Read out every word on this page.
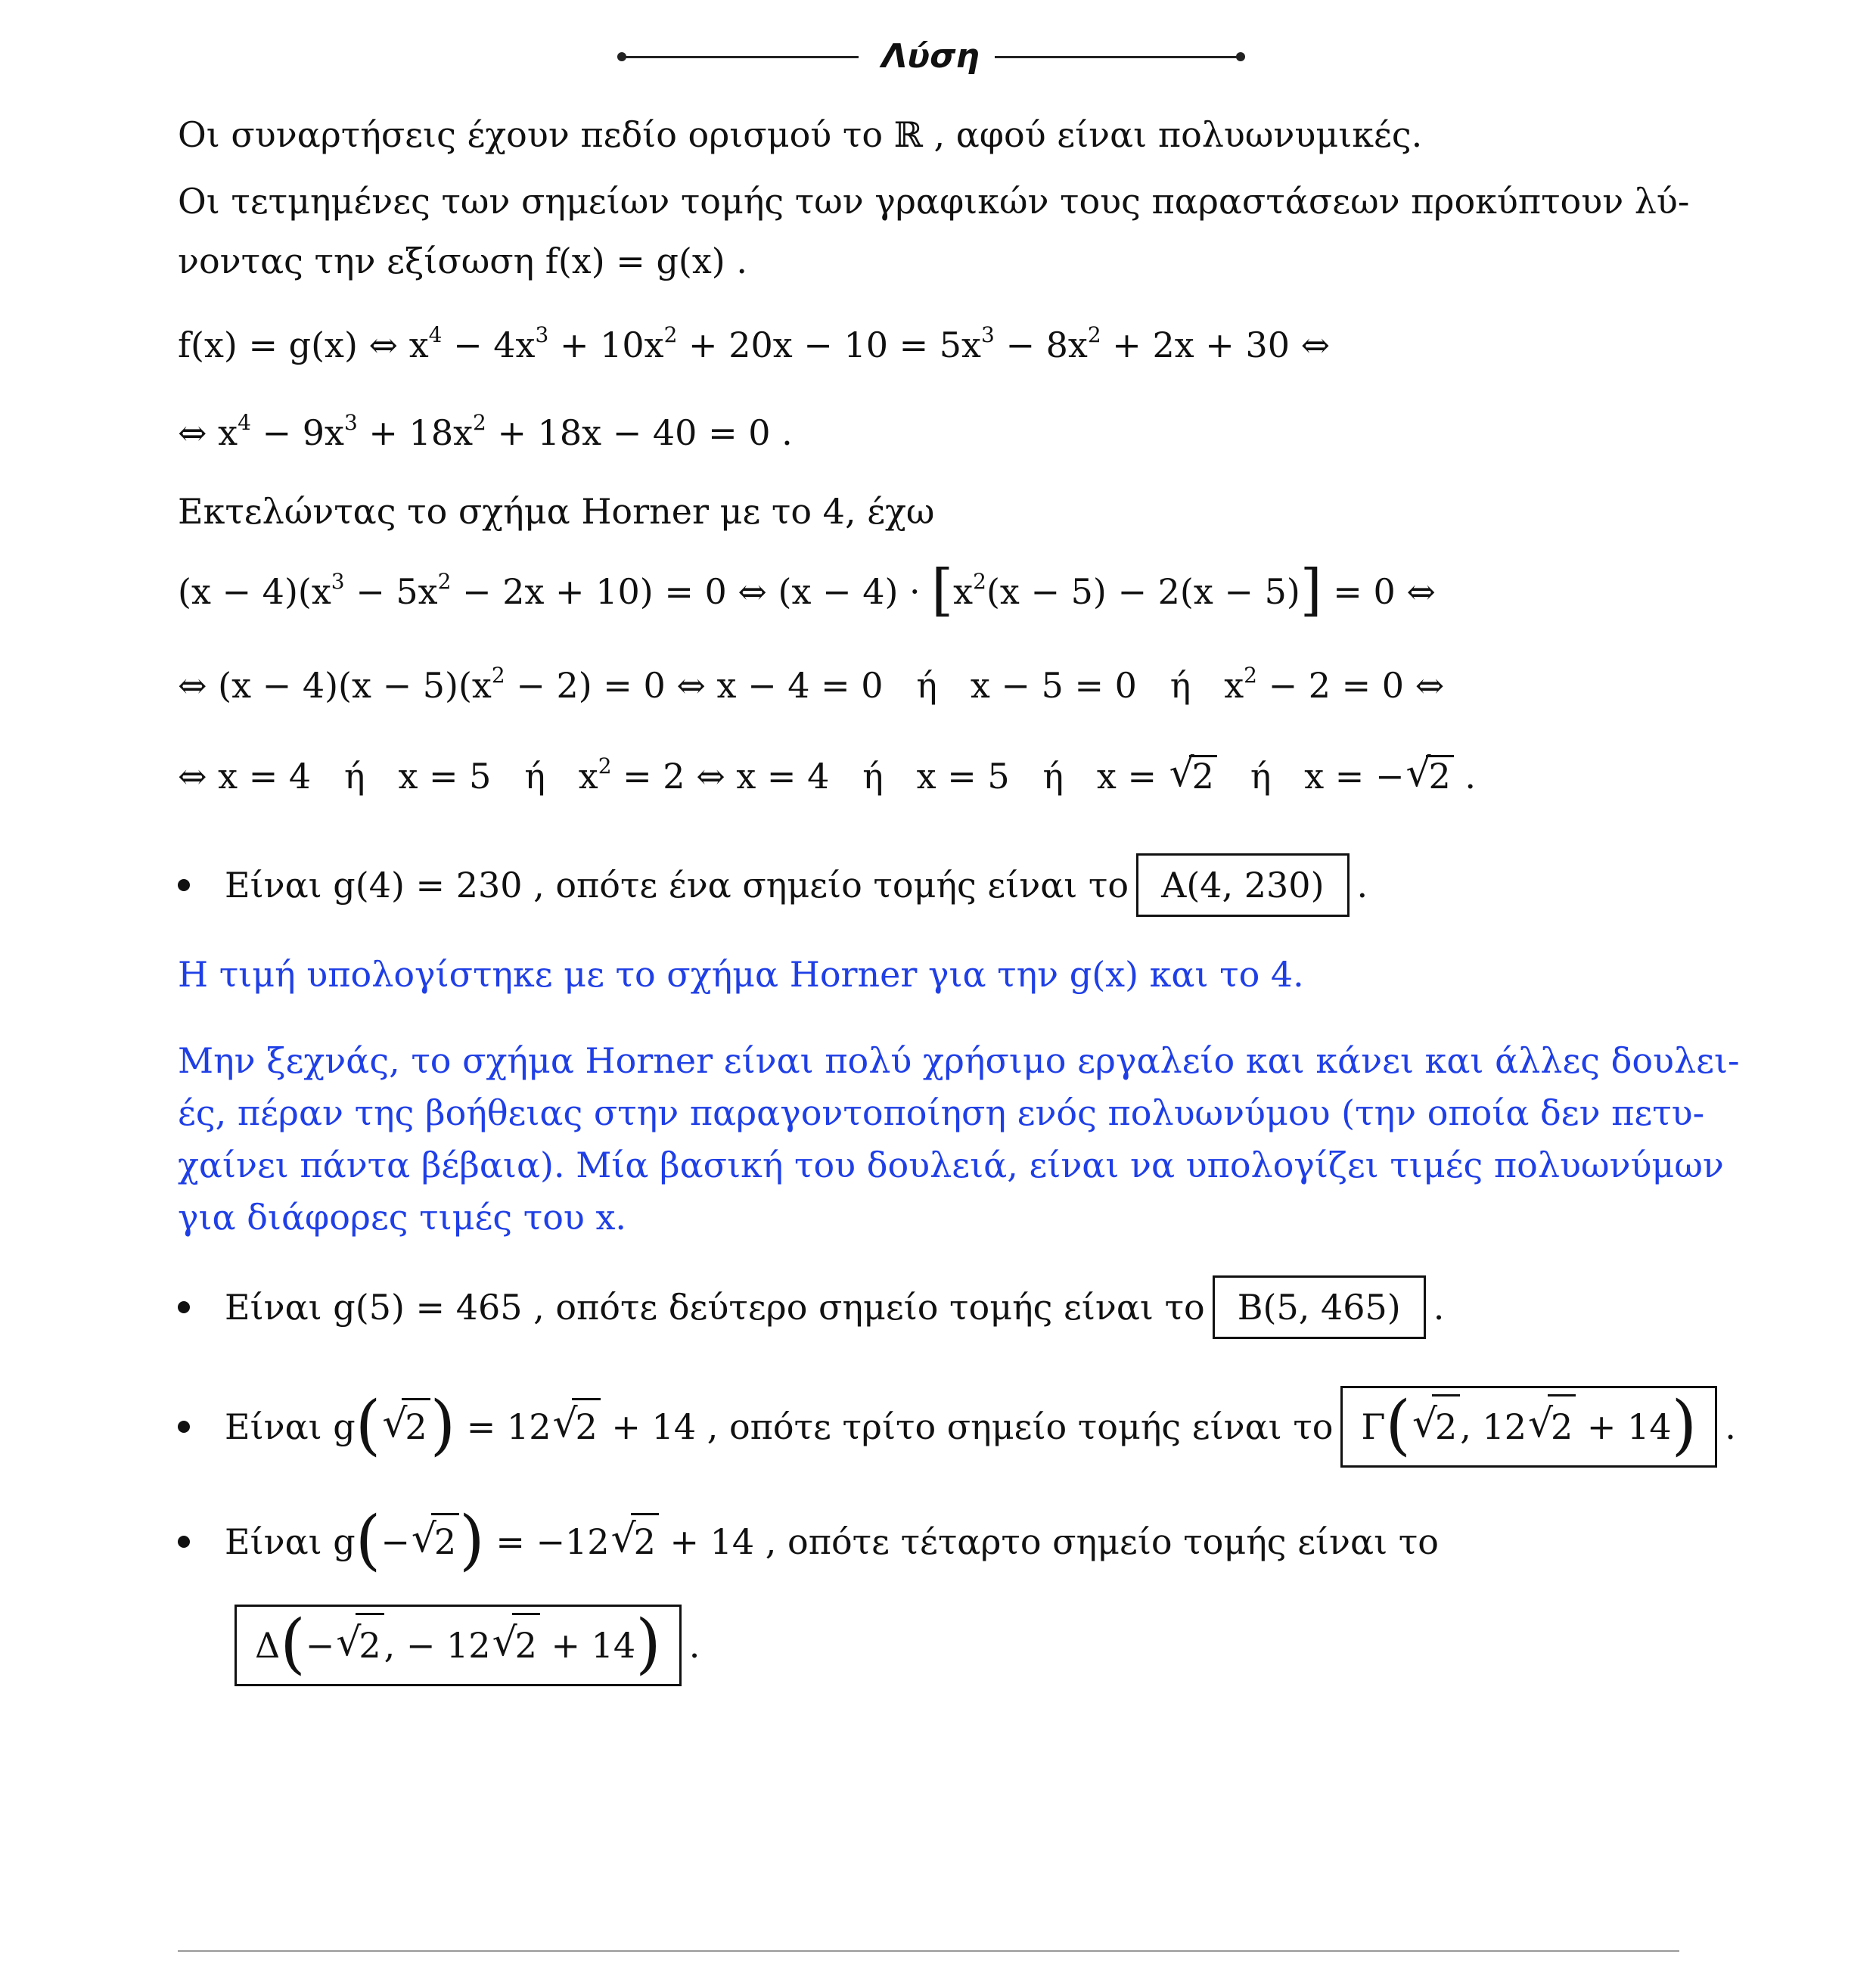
Λύση
Οι συναρτήσεις έχουν πεδίο ορισμού το ℝ , αφού είναι πολυωνυμικές.
Οι τετμημένες των σημείων τομής των γραφικών τους παραστάσεων προκύπτουν λύ-
νοντας την εξίσωση f(x) = g(x) .
f(x) = g(x) ⇔ $x^4 - 4x^3 + 10x^2 + 20x - 10 = 5x^3 - 8x^2 + 2x + 30$ ⇔
⇔ $x^4 - 9x^3 + 18x^2 + 18x - 40 = 0$ .
Εκτελώντας το σχήμα Horner με το 4, έχω
$(x - 4)(x^3 - 5x^2 - 2x + 10) = 0$ ⇔ $(x - 4) \cdot [x^2(x - 5) - 2(x - 5)] = 0$ ⇔
⇔ $(x - 4)(x - 5)(x^2 - 2) = 0$ ⇔ x − 4 = 0   ή   x − 5 = 0   ή   $x^2 - 2 = 0$ ⇔
⇔ x = 4   ή   x = 5   ή   $x^2 = 2$ ⇔ x = 4   ή   x = 5   ή   x = √ 2   ή   x = − √ 2 .
Είναι g(4) = 230 , οπότε ένα σημείο τομής είναι το Α(4, 230) .
Η τιμή υπολογίστηκε με το σχήμα Horner για την g(x) και το 4.
Μην ξεχνάς, το σχήμα Horner είναι πολύ χρήσιμο εργαλείο και κάνει και άλλες δουλει-
ές, πέραν της βοήθειας στην παραγοντοποίηση ενός πολυωνύμου (την οποία δεν πετυ-
χαίνει πάντα βέβαια). Μία βασική του δουλειά, είναι να υπολογίζει τιμές πολυωνύμων
για διάφορες τιμές του x.
Είναι g(5) = 465 , οπότε δεύτερο σημείο τομής είναι το Β(5, 465) .
Είναι g( √ 2) = 12 √ 2 + 14 , οπότε τρίτο σημείο τομής είναι το Γ( √ 2, 12 √ 2 + 14) .
Είναι g(− √ 2) = −12 √ 2 + 14 , οπότε τέταρτο σημείο τομής είναι το
Δ(− √ 2, − 12 √ 2 + 14) .
